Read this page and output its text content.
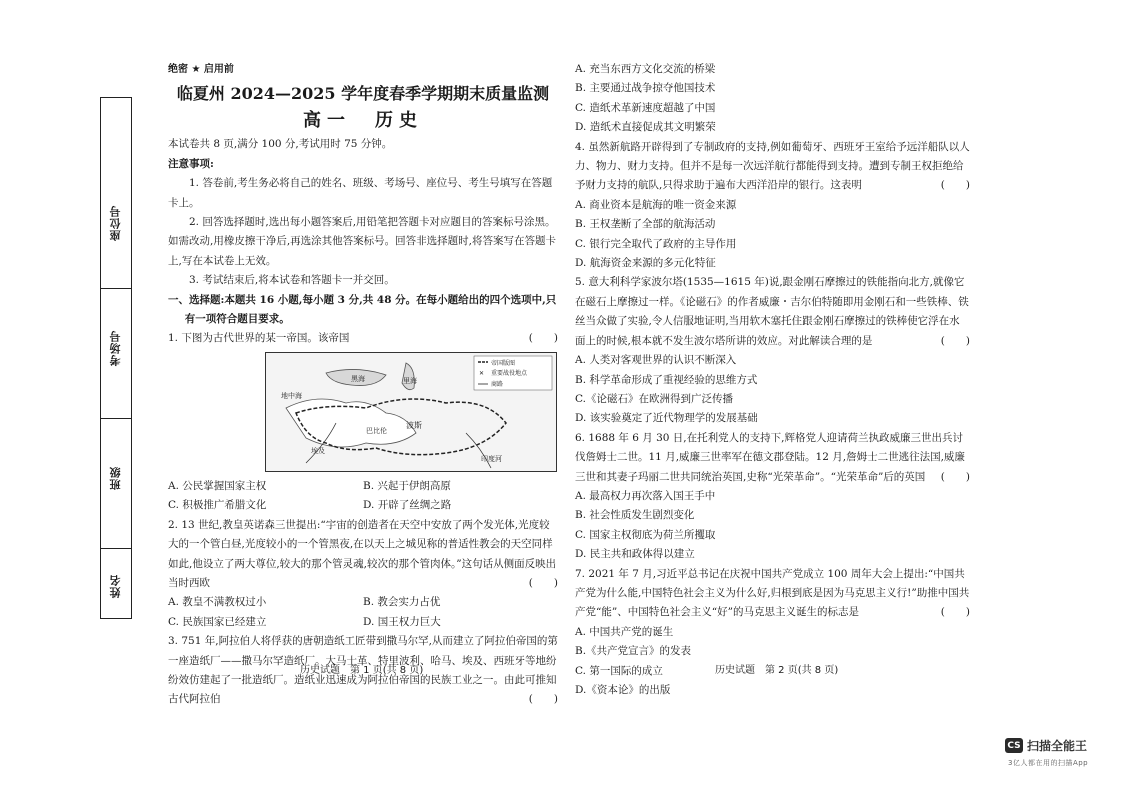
座位号
考场号
班级
姓名

绝密 ★ 启用前

临夏州 2024—2025 学年度春季学期期末质量监测

高一　历史

本试卷共 8 页,满分 100 分,考试用时 75 分钟。

注意事项:

1. 答卷前,考生务必将自己的姓名、班级、考场号、座位号、考生号填写在答题卡上。

2. 回答选择题时,选出每小题答案后,用铅笔把答题卡对应题目的答案标号涂黑。如需改动,用橡皮擦干净后,再选涂其他答案标号。回答非选择题时,将答案写在答题卡上,写在本试卷上无效。

3. 考试结束后,将本试卷和答题卡一并交回。

一、选择题:本题共 16 小题,每小题 3 分,共 48 分。在每小题给出的四个选项中,只有一项符合题目要求。

1. 下图为古代世界的某一帝国。该帝国	(　　)

帝国版图
✕ 重要战役地点
商路
黑海
地中海
埃及
波斯
里海
巴比伦
印度河
A. 公民掌握国家主权	B. 兴起于伊朗高原
C. 积极推广希腊文化	D. 开辟了丝绸之路

2. 13 世纪,教皇英诺森三世提出:“宇宙的创造者在天空中安放了两个发光体,光度较大的一个管白昼,光度较小的一个管黑夜,在以天上之城见称的普适性教会的天空同样如此,他设立了两大尊位,较大的那个管灵魂,较次的那个管肉体。”这句话从侧面反映出当时西欧	(　　)

A. 教皇不满教权过小	B. 教会实力占优
C. 民族国家已经建立	D. 国王权力巨大

3. 751 年,阿拉伯人将俘获的唐朝造纸工匠带到撒马尔罕,从而建立了阿拉伯帝国的第一座造纸厂——撒马尔罕造纸厂。大马士革、特里波利、哈马、埃及、西班牙等地纷纷效仿建起了一批造纸厂。造纸业迅速成为阿拉伯帝国的民族工业之一。由此可推知古代阿拉伯	(　　)

历史试题　第 1 页(共 8 页)

A. 充当东西方文化交流的桥梁

B. 主要通过战争掠夺他国技术

C. 造纸术革新速度超越了中国

D. 造纸术直接促成其文明繁荣

4. 虽然新航路开辟得到了专制政府的支持,例如葡萄牙、西班牙王室给予远洋船队以人力、物力、财力支持。但并不是每一次远洋航行都能得到支持。遭到专制王权拒绝给予财力支持的航队,只得求助于遍布大西洋沿岸的银行。这表明	(　　)

A. 商业资本是航海的唯一资金来源

B. 王权垄断了全部的航海活动

C. 银行完全取代了政府的主导作用

D. 航海资金来源的多元化特征

5. 意大利科学家波尔塔(1535—1615 年)说,跟金刚石摩擦过的铁能指向北方,就像它在磁石上摩擦过一样。《论磁石》的作者威廉・吉尔伯特随即用金刚石和一些铁棒、铁丝当众做了实验,令人信服地证明,当用软木塞托住跟金刚石摩擦过的铁棒使它浮在水面上的时候,根本就不发生波尔塔所讲的效应。对此解读合理的是	(　　)

A. 人类对客观世界的认识不断深入

B. 科学革命形成了重视经验的思维方式

C.《论磁石》在欧洲得到广泛传播

D. 该实验奠定了近代物理学的发展基础

6. 1688 年 6 月 30 日,在托利党人的支持下,辉格党人迎请荷兰执政威廉三世出兵讨伐詹姆士二世。11 月,威廉三世率军在德文郡登陆。12 月,詹姆士二世逃往法国,威廉三世和其妻子玛丽二世共同统治英国,史称“光荣革命”。“光荣革命”后的英国 (　　)

A. 最高权力再次落入国王手中

B. 社会性质发生剧烈变化

C. 国家主权彻底为荷兰所攫取

D. 民主共和政体得以建立

7. 2021 年 7 月,习近平总书记在庆祝中国共产党成立 100 周年大会上提出:“中国共产党为什么能,中国特色社会主义为什么好,归根到底是因为马克思主义行!”助推中国共产党“能”、中国特色社会主义“好”的马克思主义诞生的标志是	(　　)

A. 中国共产党的诞生

B.《共产党宣言》的发表

C. 第一国际的成立

D.《资本论》的出版

历史试题　第 2 页(共 8 页)
CS 扫描全能王
3亿人都在用的扫描App
